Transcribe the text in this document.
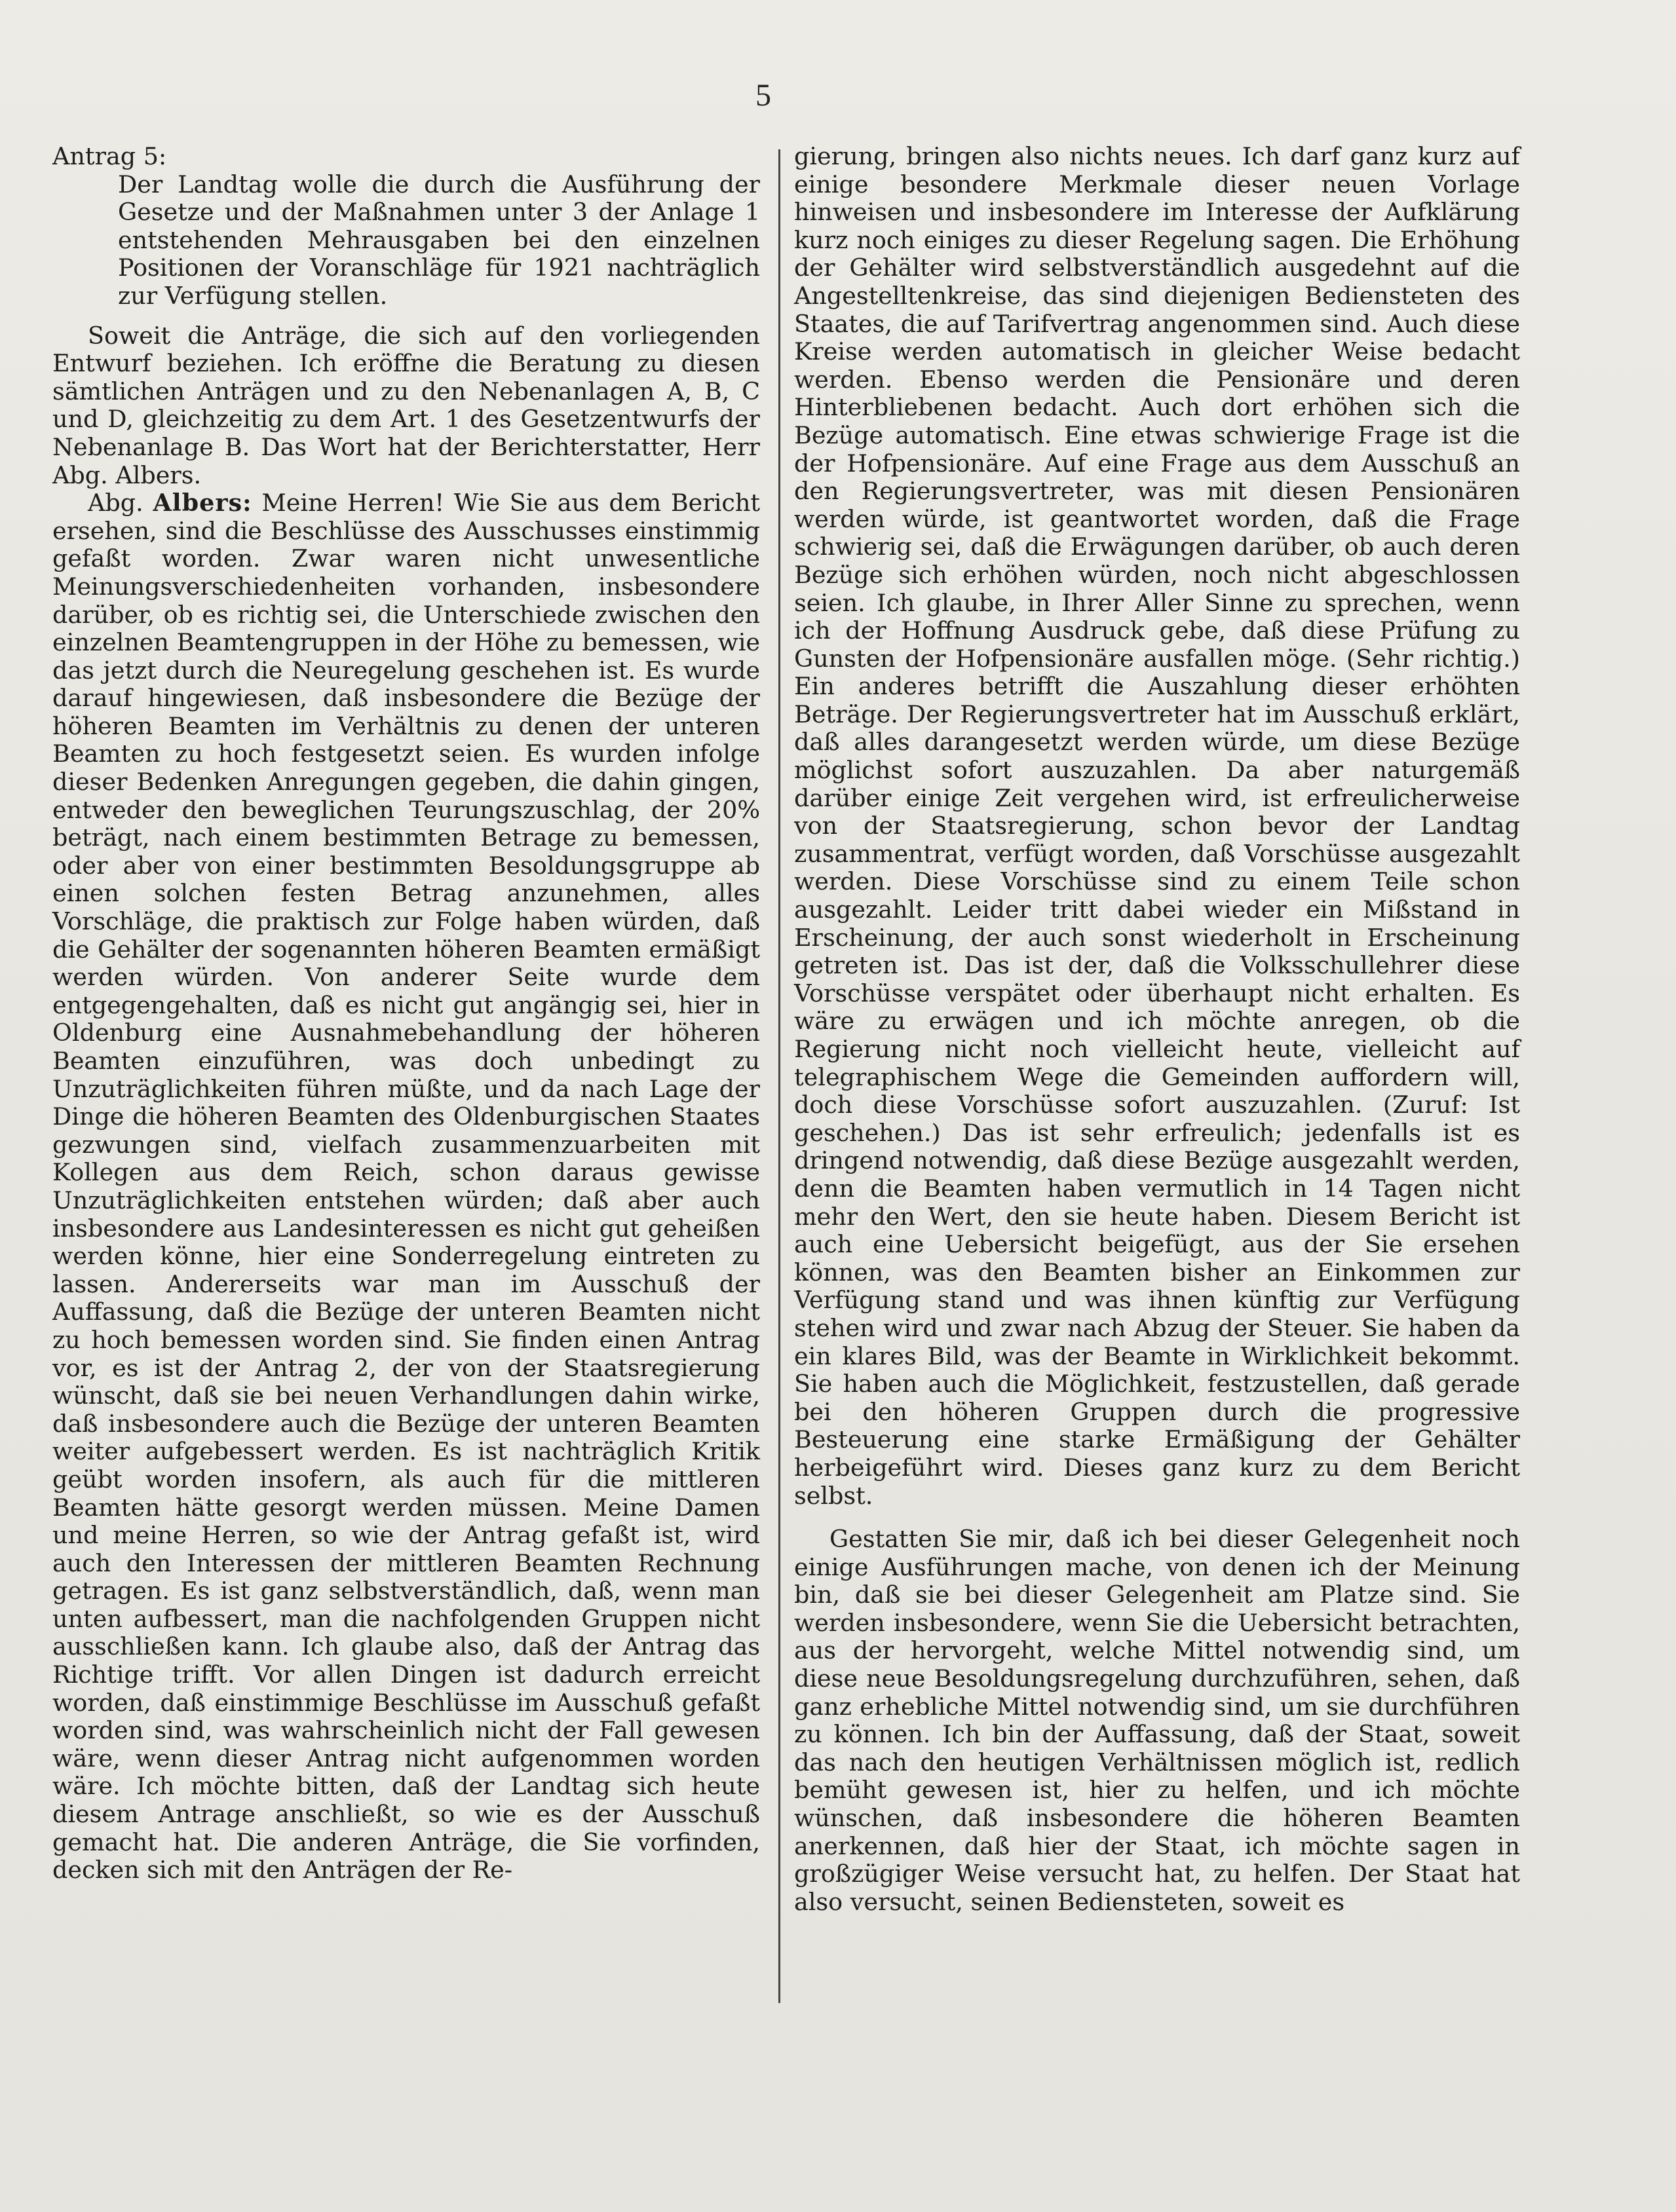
5

Antrag 5:

Der Landtag wolle die durch die Ausführung der Gesetze und der Maßnahmen unter 3 der Anlage 1 entstehenden Mehrausgaben bei den einzelnen Positionen der Voranschläge für 1921 nachträglich zur Verfügung stellen.

Soweit die Anträge, die sich auf den vorliegenden Entwurf beziehen. Ich eröffne die Beratung zu diesen sämtlichen Anträgen und zu den Nebenanlagen A, B, C und D, gleichzeitig zu dem Art. 1 des Gesetzentwurfs der Nebenanlage B. Das Wort hat der Berichterstatter, Herr Abg. Albers.

Abg. Albers: Meine Herren! Wie Sie aus dem Bericht ersehen, sind die Beschlüsse des Ausschusses einstimmig gefaßt worden. Zwar waren nicht unwesentliche Meinungsverschiedenheiten vorhanden, insbesondere darüber, ob es richtig sei, die Unterschiede zwischen den einzelnen Beamtengruppen in der Höhe zu bemessen, wie das jetzt durch die Neuregelung geschehen ist. Es wurde darauf hingewiesen, daß insbesondere die Bezüge der höheren Beamten im Verhältnis zu denen der unteren Beamten zu hoch festgesetzt seien. Es wurden infolge dieser Bedenken Anregungen gegeben, die dahin gingen, entweder den beweglichen Teurungszuschlag, der 20% beträgt, nach einem bestimmten Betrage zu bemessen, oder aber von einer bestimmten Besoldungsgruppe ab einen solchen festen Betrag anzunehmen, alles Vorschläge, die praktisch zur Folge haben würden, daß die Gehälter der sogenannten höheren Beamten ermäßigt werden würden. Von anderer Seite wurde dem entgegengehalten, daß es nicht gut angängig sei, hier in Oldenburg eine Ausnahmebehandlung der höheren Beamten einzuführen, was doch unbedingt zu Unzuträglichkeiten führen müßte, und da nach Lage der Dinge die höheren Beamten des Oldenburgischen Staates gezwungen sind, vielfach zusammenzuarbeiten mit Kollegen aus dem Reich, schon daraus gewisse Unzuträglichkeiten entstehen würden; daß aber auch insbesondere aus Landesinteressen es nicht gut geheißen werden könne, hier eine Sonderregelung eintreten zu lassen. Andererseits war man im Ausschuß der Auffassung, daß die Bezüge der unteren Beamten nicht zu hoch bemessen worden sind. Sie finden einen Antrag vor, es ist der Antrag 2, der von der Staatsregierung wünscht, daß sie bei neuen Verhandlungen dahin wirke, daß insbesondere auch die Bezüge der unteren Beamten weiter aufgebessert werden. Es ist nachträglich Kritik geübt worden insofern, als auch für die mittleren Beamten hätte gesorgt werden müssen. Meine Damen und meine Herren, so wie der Antrag gefaßt ist, wird auch den Interessen der mittleren Beamten Rechnung getragen. Es ist ganz selbstverständlich, daß, wenn man unten aufbessert, man die nachfolgenden Gruppen nicht ausschließen kann. Ich glaube also, daß der Antrag das Richtige trifft. Vor allen Dingen ist dadurch erreicht worden, daß einstimmige Beschlüsse im Ausschuß gefaßt worden sind, was wahrscheinlich nicht der Fall gewesen wäre, wenn dieser Antrag nicht aufgenommen worden wäre. Ich möchte bitten, daß der Landtag sich heute diesem Antrage anschließt, so wie es der Ausschuß gemacht hat. Die anderen Anträge, die Sie vorfinden, decken sich mit den Anträgen der Re-

gierung, bringen also nichts neues. Ich darf ganz kurz auf einige besondere Merkmale dieser neuen Vorlage hinweisen und insbesondere im Interesse der Aufklärung kurz noch einiges zu dieser Regelung sagen. Die Erhöhung der Gehälter wird selbstverständlich ausgedehnt auf die Angestelltenkreise, das sind diejenigen Bediensteten des Staates, die auf Tarifvertrag angenommen sind. Auch diese Kreise werden automatisch in gleicher Weise bedacht werden. Ebenso werden die Pensionäre und deren Hinterbliebenen bedacht. Auch dort erhöhen sich die Bezüge automatisch. Eine etwas schwierige Frage ist die der Hofpensionäre. Auf eine Frage aus dem Ausschuß an den Regierungsvertreter, was mit diesen Pensionären werden würde, ist geantwortet worden, daß die Frage schwierig sei, daß die Erwägungen darüber, ob auch deren Bezüge sich erhöhen würden, noch nicht abgeschlossen seien. Ich glaube, in Ihrer Aller Sinne zu sprechen, wenn ich der Hoffnung Ausdruck gebe, daß diese Prüfung zu Gunsten der Hofpensionäre ausfallen möge. (Sehr richtig.) Ein anderes betrifft die Auszahlung dieser erhöhten Beträge. Der Regierungsvertreter hat im Ausschuß erklärt, daß alles darangesetzt werden würde, um diese Bezüge möglichst sofort auszuzahlen. Da aber naturgemäß darüber einige Zeit vergehen wird, ist erfreulicherweise von der Staatsregierung, schon bevor der Landtag zusammentrat, verfügt worden, daß Vorschüsse ausgezahlt werden. Diese Vorschüsse sind zu einem Teile schon ausgezahlt. Leider tritt dabei wieder ein Mißstand in Erscheinung, der auch sonst wiederholt in Erscheinung getreten ist. Das ist der, daß die Volksschullehrer diese Vorschüsse verspätet oder überhaupt nicht erhalten. Es wäre zu erwägen und ich möchte anregen, ob die Regierung nicht noch vielleicht heute, vielleicht auf telegraphischem Wege die Gemeinden auffordern will, doch diese Vorschüsse sofort auszuzahlen. (Zuruf: Ist geschehen.) Das ist sehr erfreulich; jedenfalls ist es dringend notwendig, daß diese Bezüge ausgezahlt werden, denn die Beamten haben vermutlich in 14 Tagen nicht mehr den Wert, den sie heute haben. Diesem Bericht ist auch eine Uebersicht beigefügt, aus der Sie ersehen können, was den Beamten bisher an Einkommen zur Verfügung stand und was ihnen künftig zur Verfügung stehen wird und zwar nach Abzug der Steuer. Sie haben da ein klares Bild, was der Beamte in Wirklichkeit bekommt. Sie haben auch die Möglichkeit, festzustellen, daß gerade bei den höheren Gruppen durch die progressive Besteuerung eine starke Ermäßigung der Gehälter herbeigeführt wird. Dieses ganz kurz zu dem Bericht selbst.

Gestatten Sie mir, daß ich bei dieser Gelegenheit noch einige Ausführungen mache, von denen ich der Meinung bin, daß sie bei dieser Gelegenheit am Platze sind. Sie werden insbesondere, wenn Sie die Uebersicht betrachten, aus der hervorgeht, welche Mittel notwendig sind, um diese neue Besoldungsregelung durchzuführen, sehen, daß ganz erhebliche Mittel notwendig sind, um sie durchführen zu können. Ich bin der Auffassung, daß der Staat, soweit das nach den heutigen Verhältnissen möglich ist, redlich bemüht gewesen ist, hier zu helfen, und ich möchte wünschen, daß insbesondere die höheren Beamten anerkennen, daß hier der Staat, ich möchte sagen in großzügiger Weise versucht hat, zu helfen. Der Staat hat also versucht, seinen Bediensteten, soweit es
